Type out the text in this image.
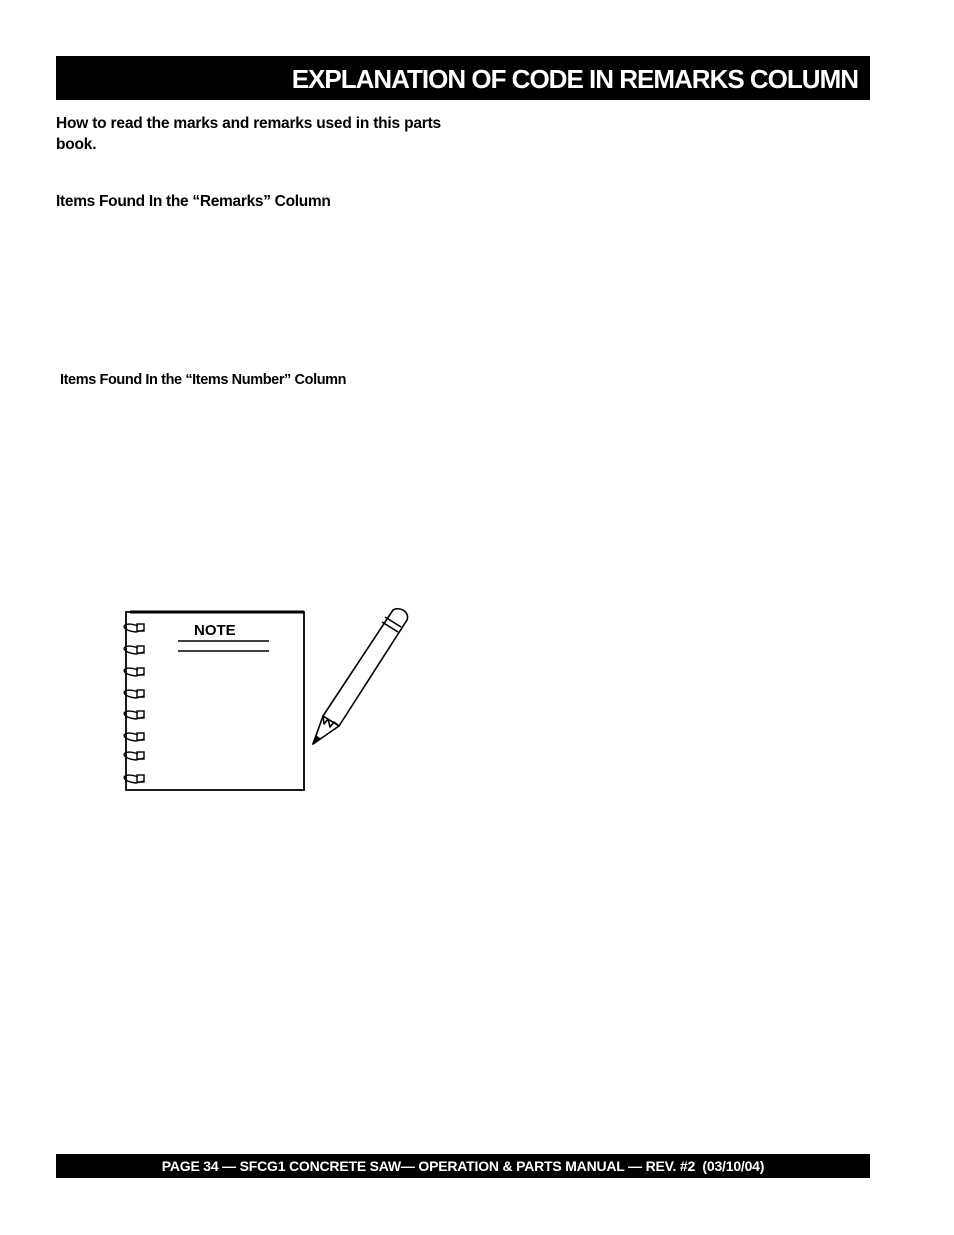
EXPLANATION OF CODE IN REMARKS COLUMN
How to read the marks and remarks used in this parts book.
Items Found In the “Remarks” Column
Items Found In the “Items Number” Column
NOTE
PAGE 34 — SFCG1 CONCRETE SAW— OPERATION & PARTS MANUAL — REV. #2  (03/10/04)
